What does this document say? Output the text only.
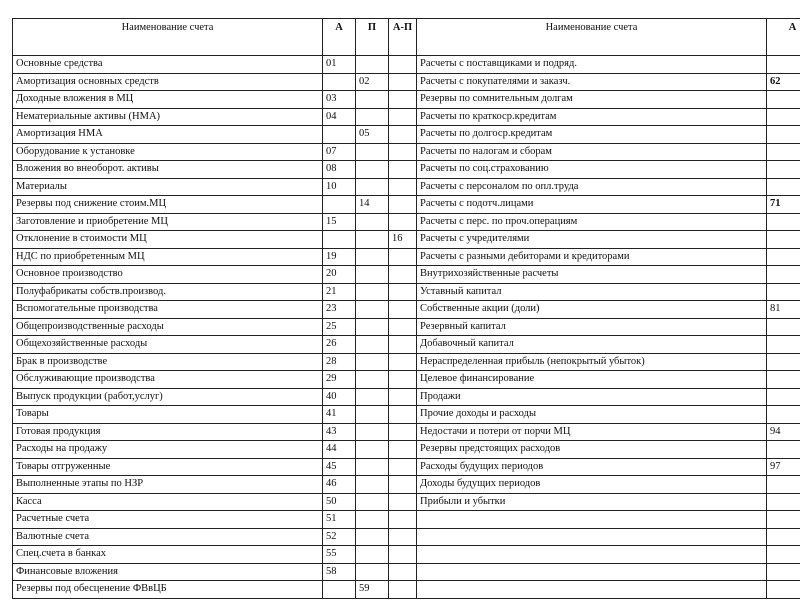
Наименование счета	А	П	А-П	Наименование счета	А
Основные средства	01			Расчеты с поставщиками и подряд.	
Амортизация основных средств		02		Расчеты с покупателями и заказч.	62
Доходные вложения в МЦ	03			Резервы по сомнительным долгам	
Нематериальные активы (НМА)	04			Расчеты по краткоср.кредитам	
Амортизация НМА		05		Расчеты по долгоср.кредитам	
Оборудование к установке	07			Расчеты по налогам и сборам	
Вложения во внеоборот. активы	08			Расчеты по соц.страхованию	
Материалы	10			Расчеты с персоналом по опл.труда	
Резервы под снижение стоим.МЦ		14		Расчеты с подотч.лицами	71
Заготовление и приобретение МЦ	15			Расчеты с перс. по проч.операциям	
Отклонение в стоимости МЦ			16	Расчеты с учредителями	
НДС по приобретенным МЦ	19			Расчеты с разными дебиторами и кредиторами	
Основное производство	20			Внутрихозяйственные расчеты	
Полуфабрикаты собств.производ.	21			Уставный капитал	
Вспомогательные производства	23			Собственные акции (доли)	81
Общепроизводственные расходы	25			Резервный капитал	
Общехозяйственные расходы	26			Добавочный капитал	
Брак в производстве	28			Нераспределенная прибыль (непокрытый убыток)	
Обслуживающие производства	29			Целевое финансирование	
Выпуск продукции (работ,услуг)	40			Продажи	
Товары	41			Прочие доходы и расходы	
Готовая продукция	43			Недостачи и потери от порчи МЦ	94
Расходы на продажу	44			Резервы предстоящих расходов	
Товары отгруженные	45			Расходы будущих периодов	97
Выполненные этапы по НЗР	46			Доходы будущих периодов	
Касса	50			Прибыли и убытки	
Расчетные счета	51				
Валютные счета	52				
Спец.счета в банках	55				
Финансовые вложения	58				
Резервы под обесценение ФВвЦБ		59			
